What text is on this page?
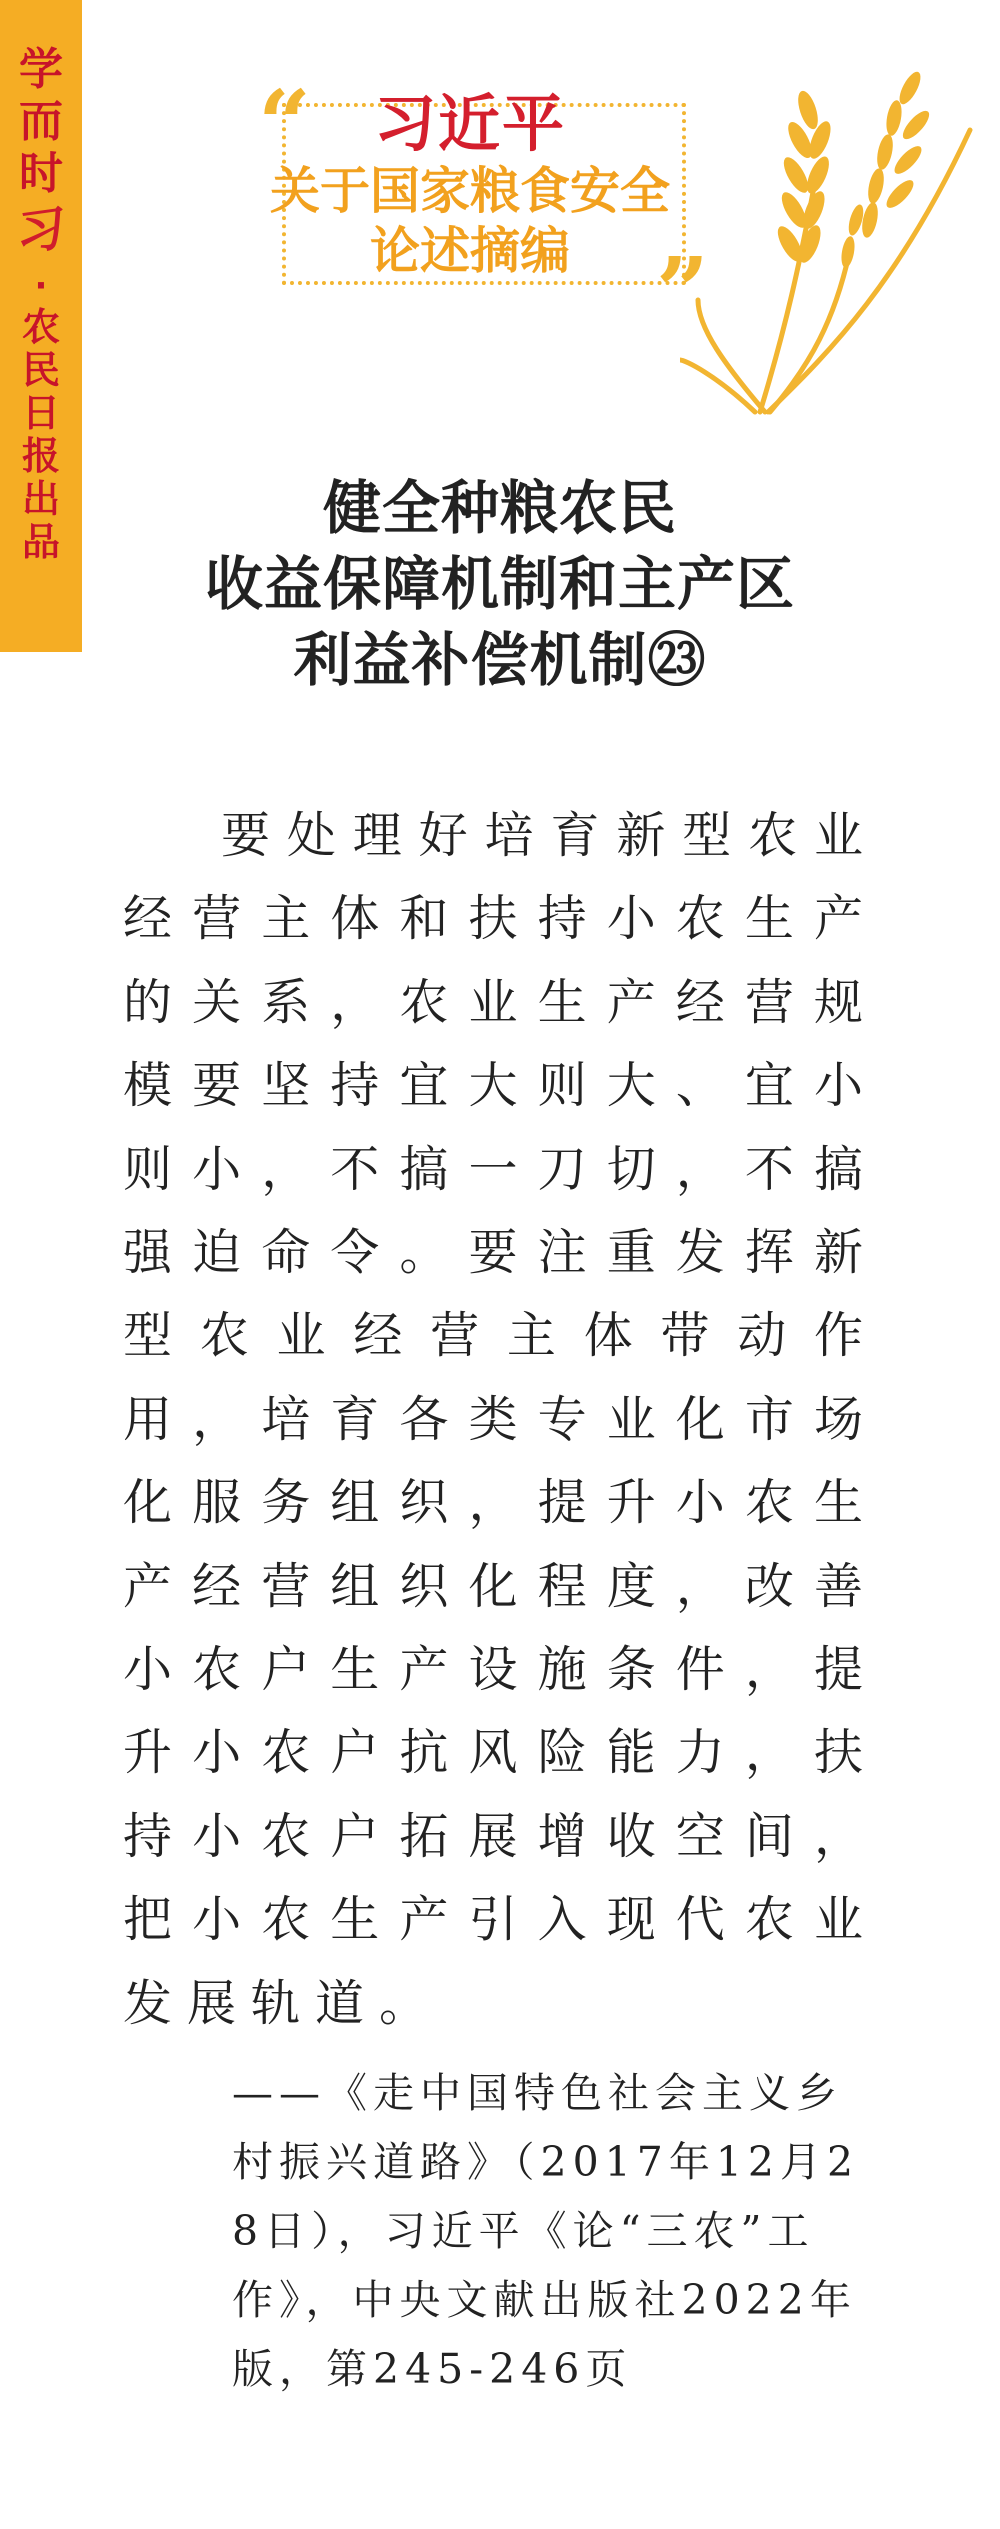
学
而
时
习
·
农
民
日
报
出
品
“
”
习近平
关于国家粮食安全
论述摘编
健全种粮农民
收益保障机制和主产区
利益补偿机制㉓
要处理好培育新型农业经营主体和扶持小农生产的关系，农业生产经营规模要坚持宜大则大、宜小则小，不搞一刀切，不搞强迫命令。要注重发挥新型农业经营主体带动作用，培育各类专业化市场化服务组织，提升小农生产经营组织化程度，改善小农户生产设施条件，提升小农户抗风险能力，扶持小农户拓展增收空间，把小农生产引入现代农业发展轨道。
——《走中国特色社会主义乡村振兴道路》（2017年12月28日），习近平《论“三农”工作》，中央文献出版社2022年版，第245-246页
